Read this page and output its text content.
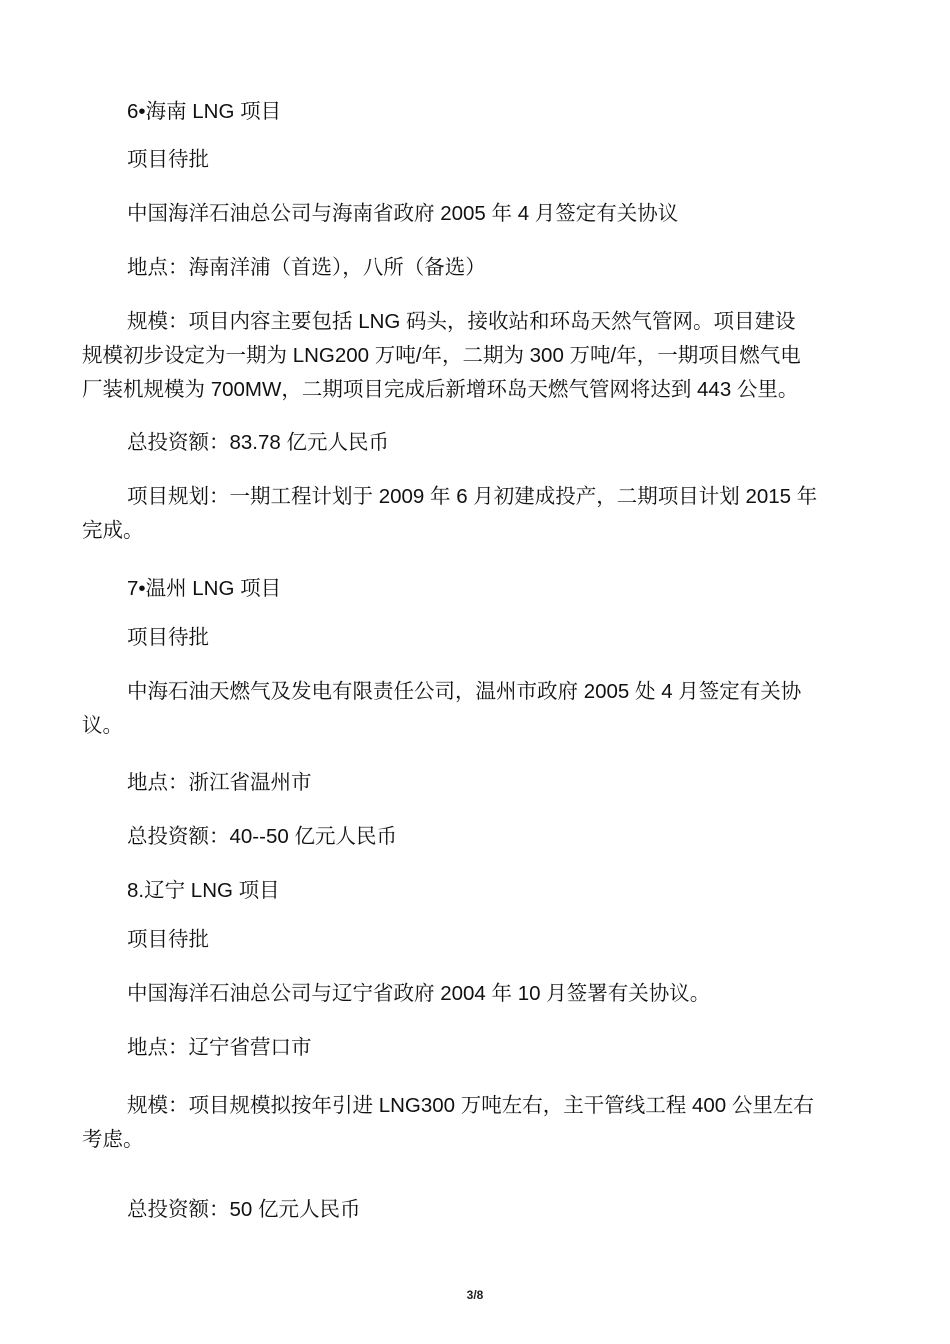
6•海南 LNG 项目

项目待批

中国海洋石油总公司与海南省政府 2005 年 4 月签定有关协议

地点：海南洋浦（首选），八所（备选）

规模：项目内容主要包括 LNG 码头，接收站和环岛天然气管网。项目建设
规模初步设定为一期为 LNG200 万吨/年，二期为 300 万吨/年，一期项目燃气电
厂装机规模为 700MW，二期项目完成后新增环岛天燃气管网将达到 443 公里。

总投资额：83.78 亿元人民币

项目规划：一期工程计划于 2009 年 6 月初建成投产，二期项目计划 2015 年
完成。

7•温州 LNG 项目

项目待批

中海石油天燃气及发电有限责任公司，温州市政府 2005 处 4 月签定有关协
议。

地点：浙江省温州市

总投资额：40--50 亿元人民币

8.辽宁 LNG 项目

项目待批

中国海洋石油总公司与辽宁省政府 2004 年 10 月签署有关协议。

地点：辽宁省营口市

规模：项目规模拟按年引进 LNG300 万吨左右，主干管线工程 400 公里左右
考虑。

总投资额：50 亿元人民币

3/8
